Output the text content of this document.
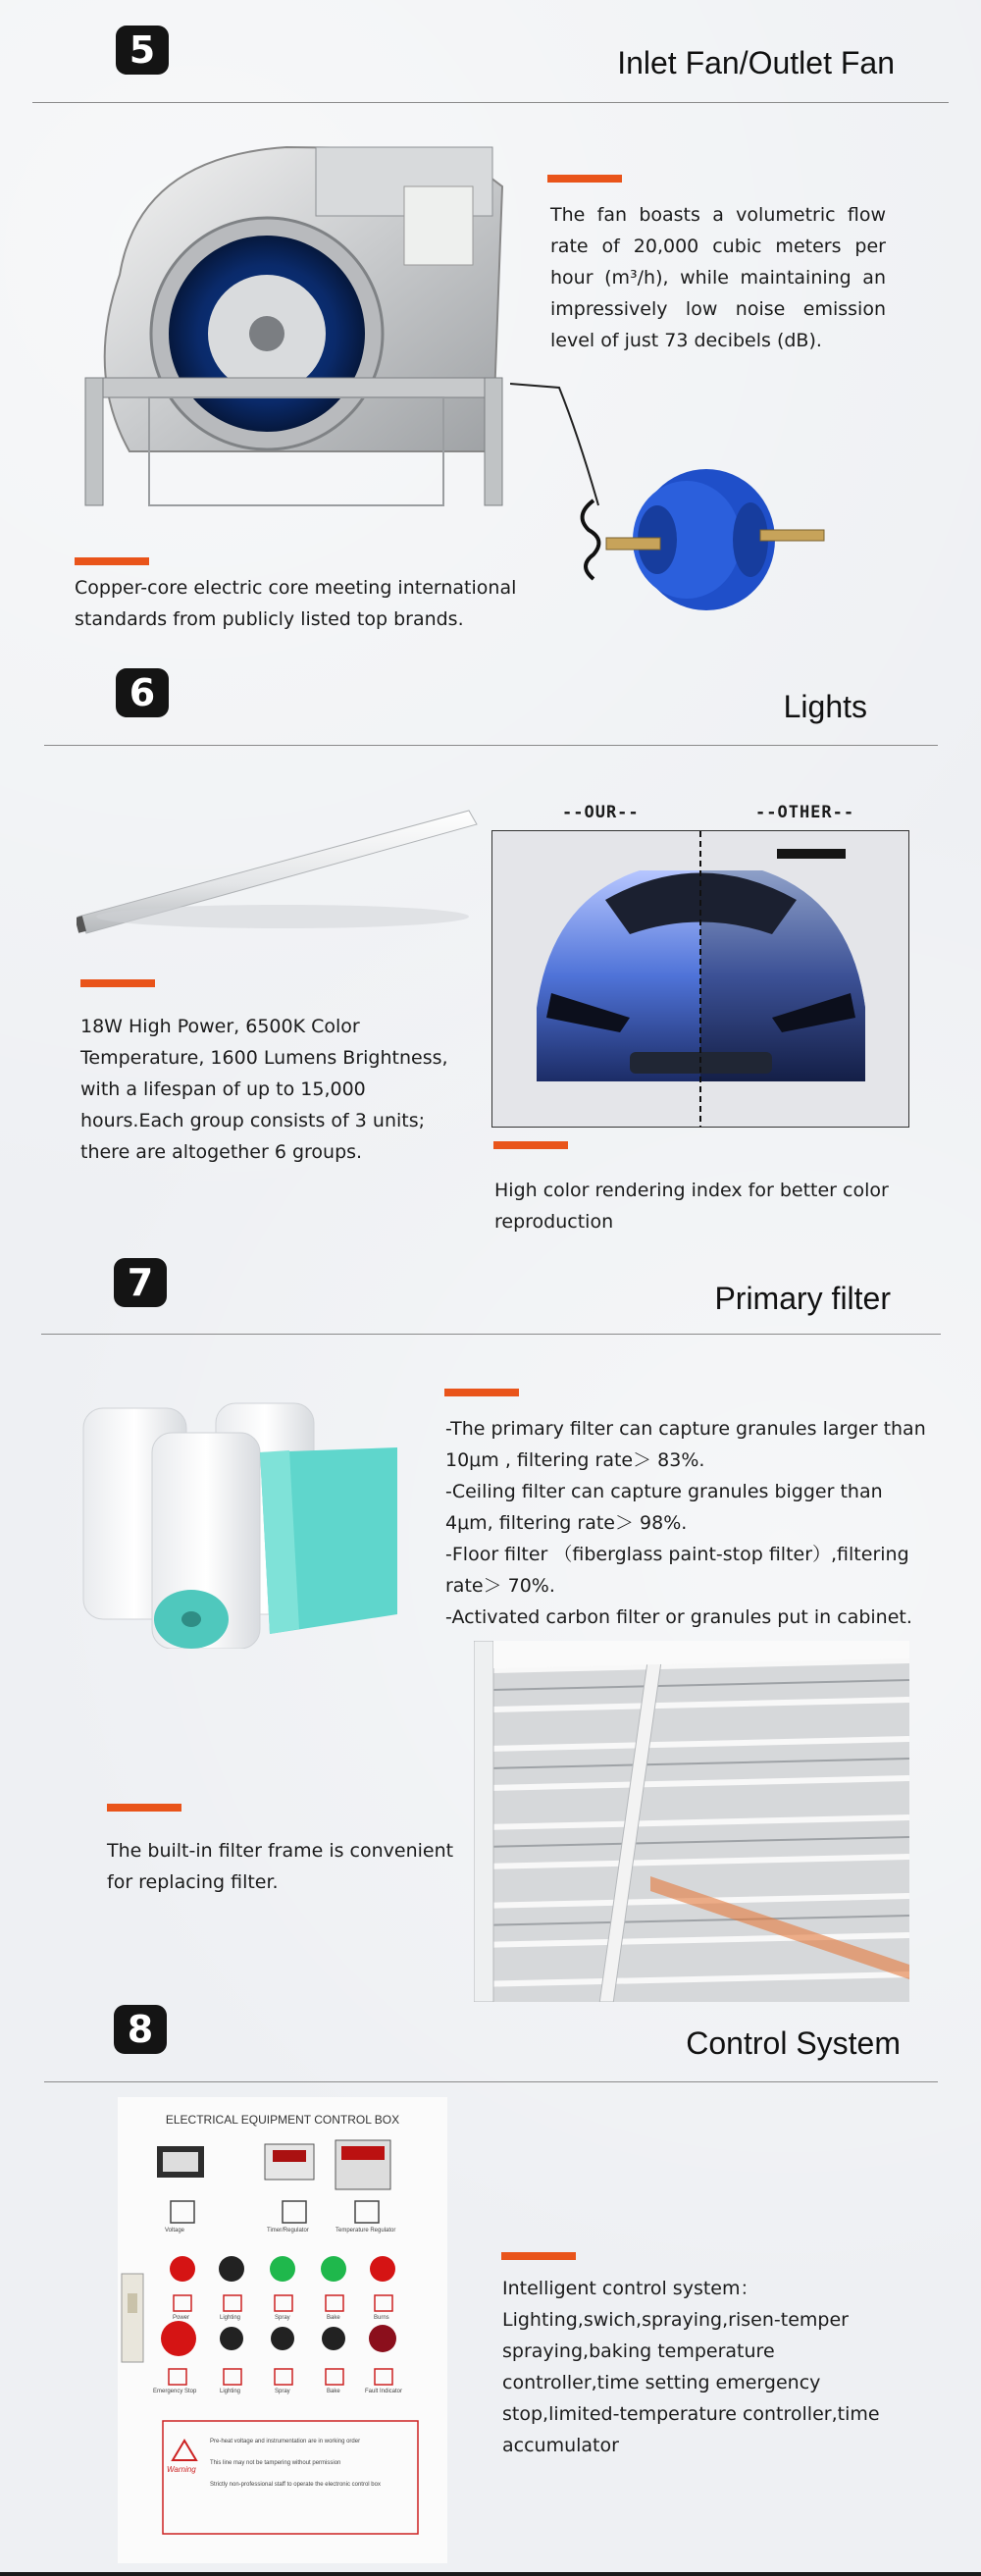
5	Inlet Fan/Outlet Fan
The fan boasts a volumetric flow rate of 20,000 cubic meters per hour (m³/h), while maintaining an impressively low noise emission level of just 73 decibels (dB).
Copper-core electric core meeting international standards from publicly listed top brands.
6	Lights
--OUR--	--OTHER--
18W High Power, 6500K Color Temperature, 1600 Lumens Brightness, with a lifespan of up to 15,000 hours.Each group consists of 3 units; there are altogether 6 groups.
High color rendering index for better color reproduction
7	Primary filter

-The primary filter can capture granules larger than 10μm , filtering rate＞ 83%.

-Ceiling filter can capture granules bigger than 4μm, filtering rate＞ 98%.

-Floor filter （fiberglass paint-stop filter）,filtering rate＞ 70%.

-Activated carbon filter or granules put in cabinet.

The built-in filter frame is convenient for replacing filter.
8	Control System
ELECTRICAL EQUIPMENT CONTROL BOX
Voltage	Timer/Regulator	Temperature Regulator
Power	Lighting	Spray	Bake	Burns
Emergency Stop	Lighting	Spray	Bake	Fault Indicator
Warning
Pre-heat voltage and instrumentation are in working order
This line may not be tampering without permission
Strictly non-professional staff to operate the electronic control box

Intelligent control system：

Lighting,swich,spraying,risen-temper spraying,baking temperature controller,time setting emergency stop,limited-temperature controller,time accumulator
